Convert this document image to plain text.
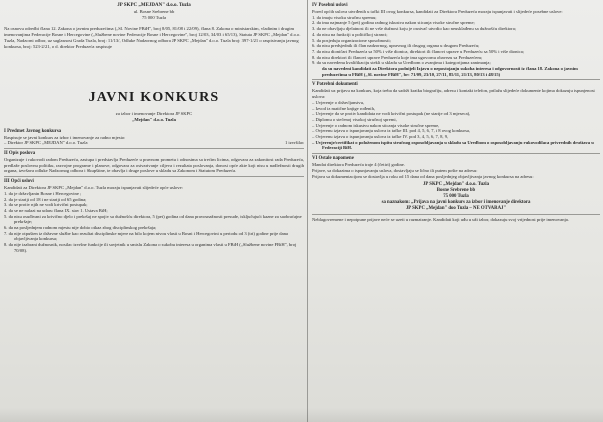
JP SKPC „MEJDAN" d.o.o. Tuzla
ul. Bosne Srebrene bb
75 000 Tuzla

Na osnovu odredbi člana 12. Zakona o javnim preduzećima („Sl. Novine FBiH", broj 8/05, 81/08 i 22/09), člana 8. Zakona o ministarskim, vladinim i drugim imenovanjima Federacije Bosne i Hercegovine („Službene novine Federacije Bosne i Hercegovine", broj 12/03, 34/03 i 65/13), Statuta JP SKPC „Mejdan" d.o.o. Tuzla, Nadzorni odbor, uz saglasnost Grada Tuzla, broj: 11/13/, Odluke Nadzornog odbora JP SKPC „Mejdan" d.o.o. Tuzla broj: 397-1/21 o raspisivanju javnog konkursa, broj: 523-2/21, o d. direktor Preduzeća raspisuje

JAVNI KONKURS
za izbor i imenovanje Direktora JP SKPC
„Mejdan" d.o.o. Tuzla
I Predmet Javnog konkursa

Raspisuje se javni konkurs za izbor i imenovanje za radno mjesto:

– Direktor JP SKPC „MEJDAN" d.o.o. Tuzla	1 izvršilac
II Opis poslova

Organizuje i rukovodi radom Preduzeća, zastupa i predstavlja Preduzeće u pravnom prometu i odnosima sa trećim licima, odgovara za zakonitost rada Preduzeća, predlaže poslovnu politiku, razvojne programe i planove, odgovara za ostvarivanje ciljeva i rezultata poslovanja, donosi opće akte koji nisu u nadležnosti drugih organa, izvršava odluke Nadzornog odbora i Skupštine, te obavlja i druge poslove u skladu sa Zakonom i Statutom Preduzeća.

III Opći uslovi

Kandidati za Direktora JP SKPC „Mejdan" d.o.o. Tuzla moraju ispunjavati slijedeće opće uslove:

1. da je državljanin Bosne i Hercegovine ;

2. da je stariji od 18 i ne stariji od 65 godina;

3. da se protiv njih ne vodi krivični postupak;

4. da se ne nalazi na udaru člana IX. stav 1. Ustava BiH;

5. da nisu osuđivani za krivično djelo i prekršaj ne spojiv sa dužnošću direktora, 5 (pet) godina od dana pravosnažnosti presude, isključujući kazne za saobraćajne prekršaje;

6. da na posljednjem radnom mjestu nije dobio otkaz zbog disciplinskog prekršaja;

7. da nije otpušten iz državne službe kao rezultat disciplinske mjere na bilo kojem nivou vlasti u Bosni i Hercegovini u periodu od 3 (tri) godine prije dana objavljivanja konkursa;

8. da nije izabrani dužnosnik, nosilac izvršne funkcije ili savjetnik u smislu Zakona o sukobu interesa u organima vlasti u FBiH („Službene novine FBiH", broj 70/08).

IV Posebni uslovi

Pored općih uslova utvrđenih u tački III ovog konkursa, kandidati za Direktora Preduzeća moraju ispunjavati i slijedeće posebne uslove:

1. da imaju visoku stručnu spremu;

2. da ima najmanje 5 (pet) godina radnog iskustva nakon sticanja visoke stručne spreme;

3. da ne obavljaju djelatnost ili ne vrše dužnost koju je osnivač utvrdio kao neusklađenu sa dužnošću direktora;

4. da nisu na funkciji u političkoj stranci;

5. da posjeduju organizacione sposobnosti;

6. da nisu predsjednik ili član nadzornog, upravnog ili drugog organa u drugom Preduzeću;

7. da nisu dioničari Preduzeća sa 50% i više dionica, direktori ili članovi uprave u Preduzeću sa 50% i više dionica;

8. da nisu direktori ili članovi uprave Preduzeća koje ima ugovornu obavezu sa Preduzećem;

9. da su navedenu kvalifikaciju stekli u skladu sa Uredbom o zvanjima i kategorijama zanimanja;

da su navedeni kandidati za Direktora podnijeli Izjavu o nepostojanju sukoba interesa i odgovornosti iz člana 18. Zakona o javnim preduzećima u FBiH („Sl. novine FBiH", br: 71/09, 23/10, 27/11, 85/11, 21/13, 80/13 i 48/15)

V Potrebni dokumenti

Kandidati uz prijavu na konkurs, koja treba da sadrži kratku biografiju, adresu i kontakt telefon, prilažu slijedeće dokumente kojima dokazuju ispunjenost uslova:

– Uvjerenje o državljanstvu,

– Izvod iz matične knjige rođenih,

– Uvjerenje da se protiv kandidata ne vodi krivični postupak (ne starije od 3 mjeseca),

– Diplomu o stečenoj visokoj stručnoj spremi,

– Uvjerenje o radnom iskustvu nakon sticanja visoke stručne spreme,

– Ovjerenu izjavu o ispunjavanju uslova iz tačke III. pod 4, 5, 6, 7, i 8 ovog konkursa,

– Ovjerenu izjavu o ispunjavanju uslova iz tačke IV. pod 3, 4, 5, 6, 7, 8, 9,

– Uvjerenje/certifikat o položenom ispitu stručnog osposobljavanja u skladu sa Uredbom o osposobljavanju rukovodilaca privrednih društava u Federaciji BiH.

VI Ostale napomene

Mandat direktora Preduzeća traje 4 (četiri) godine.

Prijave, sa dokazima o ispunjavanju uslova, dostavljaju se lično ili putem pošte na adresu:

Prijava sa dokumentacijom se dostavlja u roku od 15 dana od dana posljednjeg objavljivanja javnog konkursa na adresu:

JP SKPC „Mejdan" d.o.o. Tuzla
Bosne Srebrene bb
75 000 Tuzla
sa naznakom: „Prijava na javni konkurs za izbor i imenovanje direktora
JP SKPC „Mejdan" doo Tuzla – NE OTVARAJ"

Neblagovremene i nepotpune prijave neće se uzeti u razmatranje. Kandidati koji uđu u uži izbor, dokazuju svoj vrijednost prije imenovanja.
